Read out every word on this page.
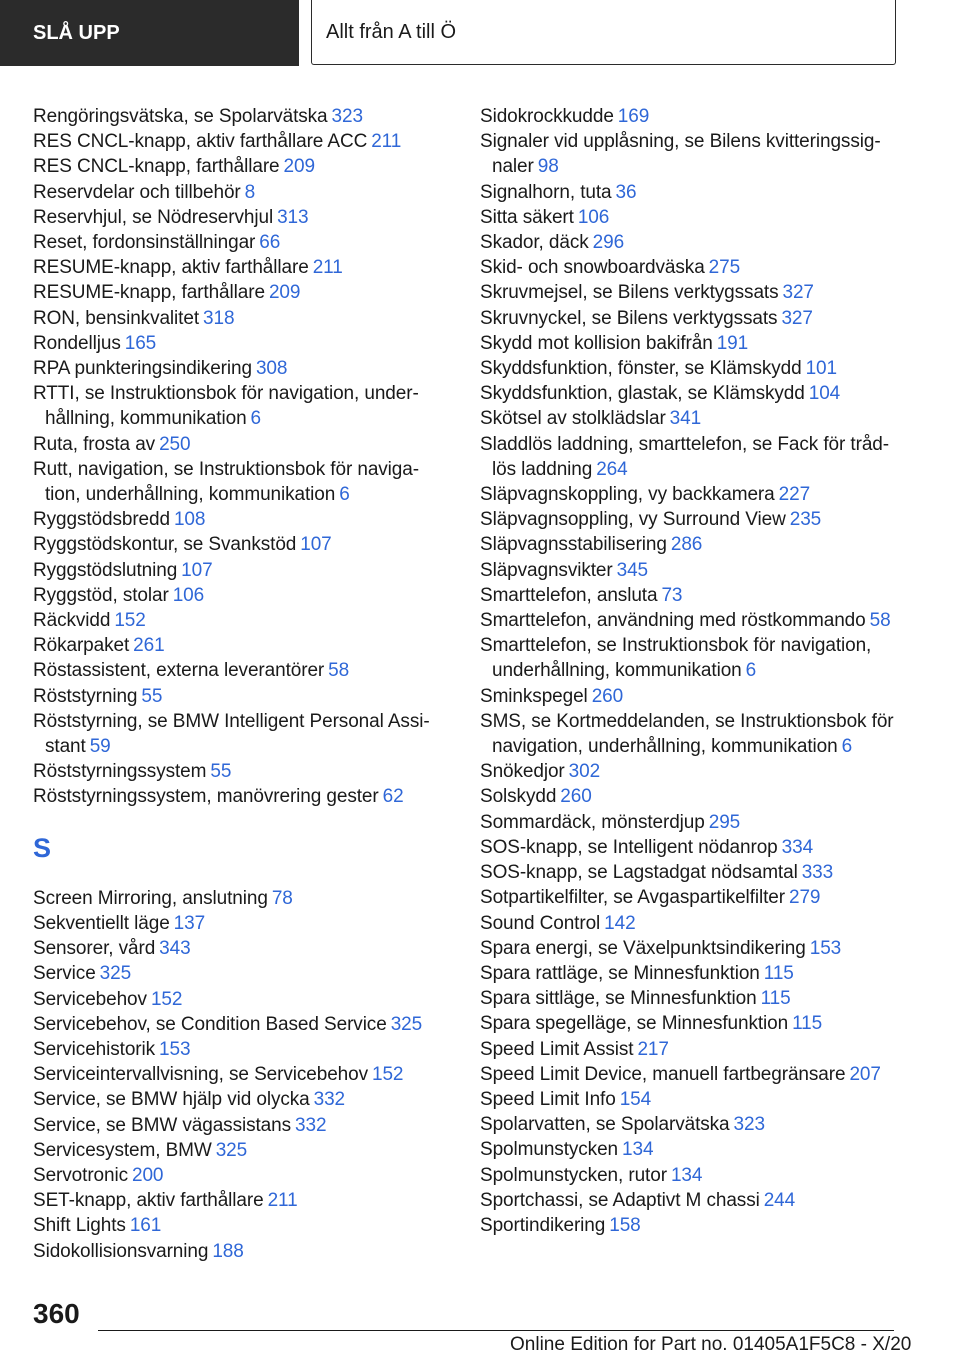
SLÅ UPP	Allt från A till Ö
Rengöringsvätska, se Spolarvätska 323
RES CNCL-knapp, aktiv farthållare ACC 211
RES CNCL-knapp, farthållare 209
Reservdelar och tillbehör 8
Reservhjul, se Nödreservhjul 313
Reset, fordonsinställningar 66
RESUME-knapp, aktiv farthållare 211
RESUME-knapp, farthållare 209
RON, bensinkvalitet 318
Rondelljus 165
RPA punkteringsindikering 308
RTTI, se Instruktionsbok för navigation, underhållning, kommunikation 6
Ruta, frosta av 250
Rutt, navigation, se Instruktionsbok för navigation, underhållning, kommunikation 6
Ryggstödsbredd 108
Ryggstödskontur, se Svankstöd 107
Ryggstödslutning 107
Ryggstöd, stolar 106
Räckvidd 152
Rökarpaket 261
Röstassistent, externa leverantörer 58
Röststyrning 55
Röststyrning, se BMW Intelligent Personal Assistant 59
Röststyrningssystem 55
Röststyrningssystem, manövrering gester 62
S
Screen Mirroring, anslutning 78
Sekventiellt läge 137
Sensorer, vård 343
Service 325
Servicebehov 152
Servicebehov, se Condition Based Service 325
Servicehistorik 153
Serviceintervallvisning, se Servicebehov 152
Service, se BMW hjälp vid olycka 332
Service, se BMW vägassistans 332
Servicesystem, BMW 325
Servotronic 200
SET-knapp, aktiv farthållare 211
Shift Lights 161
Sidokollisionsvarning 188
Sidokrockkudde 169
Signaler vid upplåsning, se Bilens kvitteringssignaler 98
Signalhorn, tuta 36
Sitta säkert 106
Skador, däck 296
Skid- och snowboardväska 275
Skruvmejsel, se Bilens verktygssats 327
Skruvnyckel, se Bilens verktygssats 327
Skydd mot kollision bakifrån 191
Skyddsfunktion, fönster, se Klämskydd 101
Skyddsfunktion, glastak, se Klämskydd 104
Skötsel av stolklädslar 341
Sladdlös laddning, smarttelefon, se Fack för trådlös laddning 264
Släpvagnskoppling, vy backkamera 227
Släpvagnsoppling, vy Surround View 235
Släpvagnsstabilisering 286
Släpvagnsvikter 345
Smarttelefon, ansluta 73
Smarttelefon, användning med röstkommando 58
Smarttelefon, se Instruktionsbok för navigation, underhållning, kommunikation 6
Sminkspegel 260
SMS, se Kortmeddelanden, se Instruktionsbok för navigation, underhållning, kommunikation 6
Snökedjor 302
Solskydd 260
Sommardäck, mönsterdjup 295
SOS-knapp, se Intelligent nödanrop 334
SOS-knapp, se Lagstadgat nödsamtal 333
Sotpartikelfilter, se Avgaspartikelfilter 279
Sound Control 142
Spara energi, se Växelpunktsindikering 153
Spara rattläge, se Minnesfunktion 115
Spara sittläge, se Minnesfunktion 115
Spara spegelläge, se Minnesfunktion 115
Speed Limit Assist 217
Speed Limit Device, manuell fartbegränsare 207
Speed Limit Info 154
Spolarvatten, se Spolarvätska 323
Spolmunstycken 134
Spolmunstycken, rutor 134
Sportchassi, se Adaptivt M chassi 244
Sportindikering 158
360
Online Edition for Part no. 01405A1F5C8 - X/20
